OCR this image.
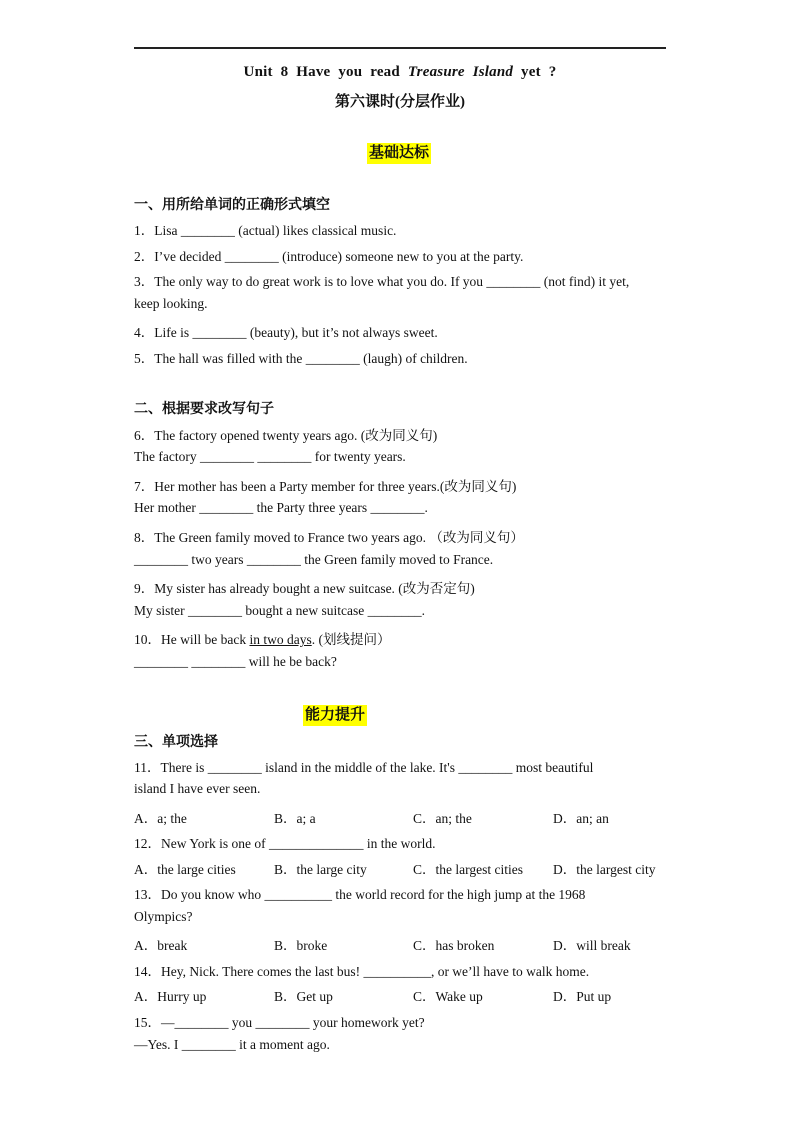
Unit 8 Have you read Treasure Island yet ?
第六课时(分层作业)
基础达标
一、用所给单词的正确形式填空
1．Lisa ________ (actual) likes classical music.
2．I’ve decided ________ (introduce) someone new to you at the party.
3．The only way to do great work is to love what you do. If you ________ (not find) it yet,
keep looking.
4．Life is ________ (beauty), but it’s not always sweet.
5．The hall was filled with the ________ (laugh) of children.
二、根据要求改写句子
6．The factory opened twenty years ago. (改为同义句)
The factory ________ ________ for twenty years.
7．Her mother has been a Party member for three years.(改为同义句)
Her mother ________ the Party three years ________.
8．The Green family moved to France two years ago. （改为同义句）
________ two years ________ the Green family moved to France.
9．My sister has already bought a new suitcase. (改为否定句)
My sister ________ bought a new suitcase ________.
10．He will be back in two days. (划线提问）
________ ________ will he be back?
能力提升
三、单项选择
11．There is ________ island in the middle of the lake. It's ________ most beautiful
island I have ever seen.
A．a; the	B．a; a	C．an; the	D．an; an
12．New York is one of ______________ in the world.
A．the large cities	B．the large city	C．the largest cities D．the largest city
13．Do you know who __________ the world record for the high jump at the 1968
Olympics?
A．break	B．broke	C．has broken	D．will break
14．Hey, Nick. There comes the last bus! __________, or we’ll have to walk home.
A．Hurry up	B．Get up	C．Wake up	D．Put up
15．—________ you ________ your homework yet?
—Yes. I ________ it a moment ago.
